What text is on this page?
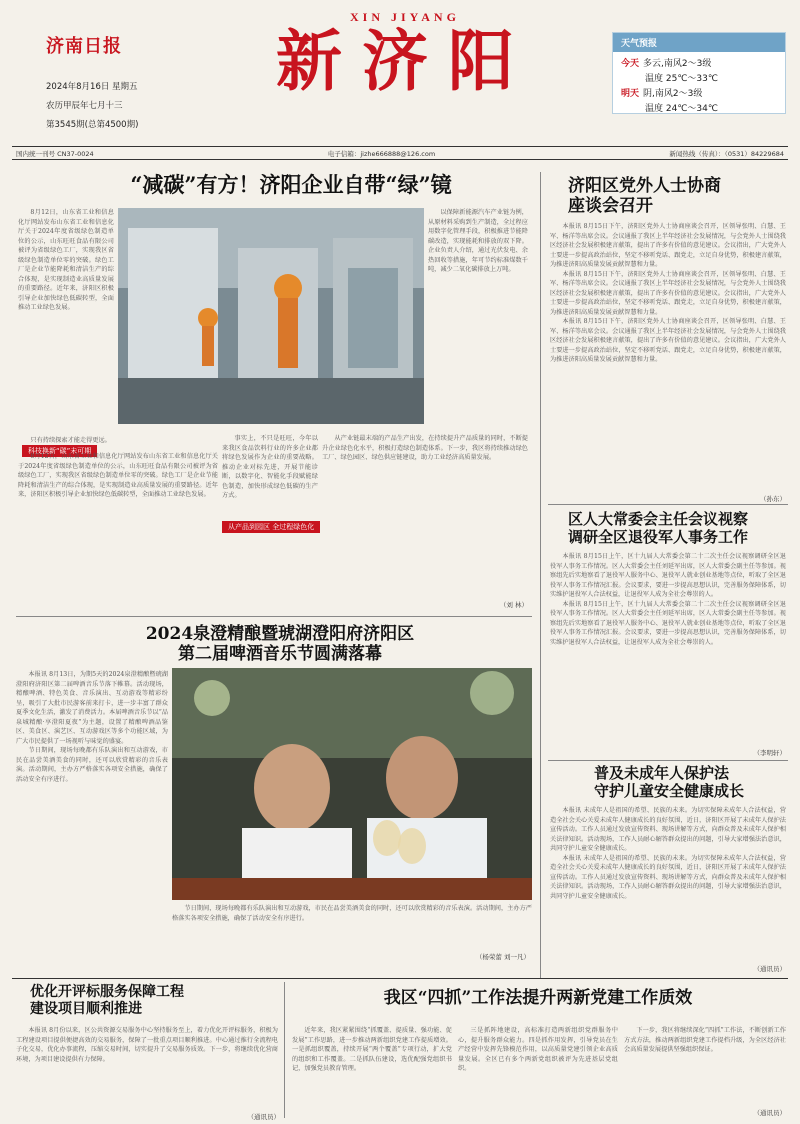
济南日报
2024年8月16日 星期五
农历甲辰年七月十三
第3545期(总第4500期)
XIN JIYANG
新济阳	天气预报
今天 多云,南风2～3级
温度 25℃～33℃
明天 阴,南风2～3级
温度 24℃～34℃
国内统一刊号 CN37-0024	电子信箱：jizhe666888@126.com	新闻热线（传真）：（0531）84229684
“减碳”有方！济阳企业自带“绿”镜

8月12日，山东省工业和信息化厅网站发布山东省工业和信息化厅关于2024年度省级绿色制造单位的公示，山东旺旺食品有限公司被评为省级绿色工厂，实现我区省级绿色制造单位零的突破。绿色工厂是企业节能降耗和清洁生产的综合体现，是实现制造业高质量发展的重要路径。近年来，济阳区积极引导企业加快绿色低碳转型，全面推动工业绿色发展。

只有持续探索才能走得更远。

以保障新能源汽车产业链为例，从原材料采购到生产制造，全过程应用数字化管理手段，积极推进节能降碳改造，实现能耗和排放的双下降。企业负责人介绍，通过光伏发电、余热回收等措施，年可节约标准煤数千吨，减少二氧化碳排放上万吨。

科技换新“碳”未可期

8月12日，山东省工业和信息化厅网站发布山东省工业和信息化厅关于2024年度省级绿色制造单位的公示，山东旺旺食品有限公司被评为省级绿色工厂，实现我区省级绿色制造单位零的突破。绿色工厂是企业节能降耗和清洁生产的综合体现，是实现制造业高质量发展的重要路径。近年来，济阳区积极引导企业加快绿色低碳转型，全面推动工业绿色发展。

事实上，不只是旺旺，今年以来我区食品饮料行业的许多企业都将绿色发展作为企业的重要战略。推动企业对标先进，开展节能诊断，以数字化、智能化手段赋能绿色制造，加快形成绿色低碳的生产方式。

从产品到园区 全过程绿色化

从产业链最末端的产品生产出发，在持续提升产品质量的同时，不断提升企业绿色化水平，积极打造绿色制造体系。下一步，我区将持续推动绿色工厂、绿色园区、绿色供应链建设，助力工业经济高质量发展。

（刘 林）
2024泉澄精酿暨琥湖澄阳府济阳区
第二届啤酒音乐节圆满落幕

本报讯 8月13日，为期5天的2024泉澄精酿暨琥湖澄阳府济阳区第二届啤酒音乐节落下帷幕。活动现场，精酿啤酒、特色美食、音乐演出、互动游戏等精彩纷呈，吸引了大批市民游客前来打卡，进一步丰富了群众夏季文化生活，激发了消费活力。本届啤酒音乐节以“品泉城精酿·享澄阳夏夜”为主题，设置了精酿啤酒品鉴区、美食区、演艺区、互动游戏区等多个功能区域，为广大市民提供了一场视听与味觉的盛宴。

节日期间，现场每晚都有乐队演出和互动游戏，市民在品尝美酒美食的同时，还可以欣赏精彩的音乐表演。活动期间，主办方严格落实各项安全措施，确保了活动安全有序进行。

节日期间，现场每晚都有乐队演出和互动游戏，市民在品尝美酒美食的同时，还可以欣赏精彩的音乐表演。活动期间，主办方严格落实各项安全措施，确保了活动安全有序进行。

（杨荣蕾 刘一凡）
济阳区党外人士协商
座谈会召开

本报讯 8月15日下午，济阳区党外人士协商座谈会召开，区领导张明、白慧、王军、杨洋等出席会议。会议通报了我区上半年经济社会发展情况，与会党外人士围绕我区经济社会发展积极建言献策，提出了许多有价值的意见建议。会议指出，广大党外人士要进一步提高政治站位，坚定不移听党话、跟党走，立足自身优势，积极建言献策，为推进济阳高质量发展贡献智慧和力量。

本报讯 8月15日下午，济阳区党外人士协商座谈会召开，区领导张明、白慧、王军、杨洋等出席会议。会议通报了我区上半年经济社会发展情况，与会党外人士围绕我区经济社会发展积极建言献策，提出了许多有价值的意见建议。会议指出，广大党外人士要进一步提高政治站位，坚定不移听党话、跟党走，立足自身优势，积极建言献策，为推进济阳高质量发展贡献智慧和力量。

本报讯 8月15日下午，济阳区党外人士协商座谈会召开，区领导张明、白慧、王军、杨洋等出席会议。会议通报了我区上半年经济社会发展情况，与会党外人士围绕我区经济社会发展积极建言献策，提出了许多有价值的意见建议。会议指出，广大党外人士要进一步提高政治站位，坚定不移听党话、跟党走，立足自身优势，积极建言献策，为推进济阳高质量发展贡献智慧和力量。

（孙东）
区人大常委会主任会议视察
调研全区退役军人事务工作

本报讯 8月15日上午，区十九届人大常委会第二十二次主任会议视察调研全区退役军人事务工作情况。区人大常委会主任刘延军出席，区人大常委会副主任等参加。视察组先后实地察看了退役军人服务中心、退役军人就业创业基地等点位，听取了全区退役军人事务工作情况汇报。会议要求，要进一步提高思想认识，完善服务保障体系，切实维护退役军人合法权益，让退役军人成为全社会尊崇的人。

本报讯 8月15日上午，区十九届人大常委会第二十二次主任会议视察调研全区退役军人事务工作情况。区人大常委会主任刘延军出席，区人大常委会副主任等参加。视察组先后实地察看了退役军人服务中心、退役军人就业创业基地等点位，听取了全区退役军人事务工作情况汇报。会议要求，要进一步提高思想认识，完善服务保障体系，切实维护退役军人合法权益，让退役军人成为全社会尊崇的人。

（李明轩）
普及未成年人保护法
守护儿童安全健康成长

本报讯 未成年人是祖国的希望、民族的未来。为切实保障未成年人合法权益，营造全社会关心关爱未成年人健康成长的良好氛围，近日，济阳区开展了未成年人保护法宣传活动。工作人员通过发放宣传资料、现场讲解等方式，向群众普及未成年人保护相关法律知识。活动现场，工作人员耐心解答群众提出的问题，引导大家增强法治意识，共同守护儿童安全健康成长。

本报讯 未成年人是祖国的希望、民族的未来。为切实保障未成年人合法权益，营造全社会关心关爱未成年人健康成长的良好氛围，近日，济阳区开展了未成年人保护法宣传活动。工作人员通过发放宣传资料、现场讲解等方式，向群众普及未成年人保护相关法律知识。活动现场，工作人员耐心解答群众提出的问题，引导大家增强法治意识，共同守护儿童安全健康成长。

（通讯员）
优化开评标服务保障工程
建设项目顺利推进

本报讯 8月份以来，区公共资源交易服务中心坚持服务至上，着力优化开评标服务，积极为工程建设项目提供便捷高效的交易服务，保障了一批重点项目顺利推进。中心通过推行全流程电子化交易，优化办事流程，压缩交易时间，切实提升了交易服务质效。下一步，将继续优化营商环境，为项目建设提供有力保障。

（通讯员）
我区“四抓”工作法提升两新党建工作质效

近年来，我区紧紧围绕“抓覆盖、提质量、强功能、促发展”工作思路，进一步推动两新组织党建工作提质增效。一是抓组织覆盖，持续开展“两个覆盖”专项行动，扩大党的组织和工作覆盖。二是抓队伍建设，选优配强党组织书记，加强党员教育管理。

三是抓阵地建设，高标准打造两新组织党群服务中心，提升服务群众能力。四是抓作用发挥，引导党员在生产经营中发挥先锋模范作用，以高质量党建引领企业高质量发展。全区已有多个两新党组织被评为先进基层党组织。

下一步，我区将继续深化“四抓”工作法，不断创新工作方式方法，推动两新组织党建工作提档升级，为全区经济社会高质量发展提供坚强组织保证。

（通讯员）
